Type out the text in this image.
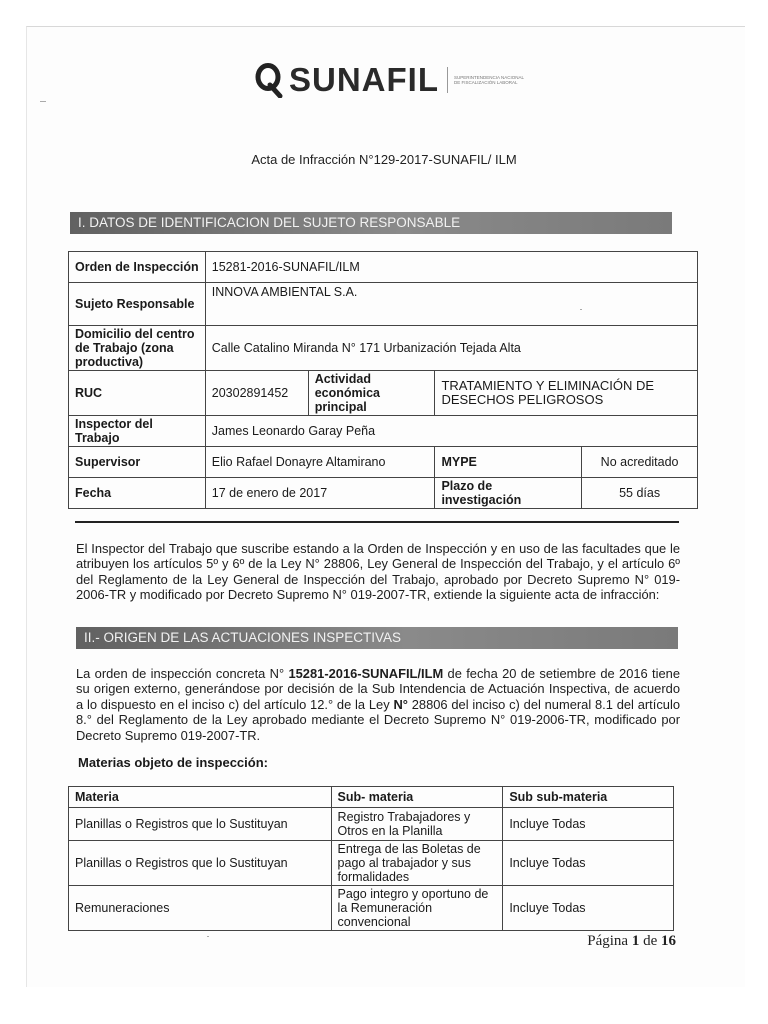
SUNAFIL	SUPERINTENDENCIA NACIONAL DE FISCALIZACIÓN LABORAL
Acta de Infracción N°129-2017-SUNAFIL/ ILM
I. DATOS DE IDENTIFICACION DEL SUJETO RESPONSABLE
Orden de Inspección	15281-2016-SUNAFIL/ILM			
Sujeto Responsable	INNOVA AMBIENTAL S.A.			
Domicilio del centro de Trabajo (zona productiva)	Calle Catalino Miranda N° 171 Urbanización Tejada Alta			
RUC	20302891452	Actividad económica principal	TRATAMIENTO Y ELIMINACIÓN DE DESECHOS PELIGROSOS	
Inspector del Trabajo	James Leonardo Garay Peña			
Supervisor	Elio Rafael Donayre Altamirano		MYPE	No acreditado
Fecha	17 de enero de 2017		Plazo de investigación	55 días
El Inspector del Trabajo que suscribe estando a la Orden de Inspección y en uso de las facultades que le atribuyen los artículos 5º y 6º de la Ley N° 28806, Ley General de Inspección del Trabajo, y el artículo 6º del Reglamento de la Ley General de Inspección del Trabajo, aprobado por Decreto Supremo N° 019-2006-TR y modificado por Decreto Supremo N° 019-2007-TR, extiende la siguiente acta de infracción:
II.- ORIGEN DE LAS ACTUACIONES INSPECTIVAS
La orden de inspección concreta N° 15281-2016-SUNAFIL/ILM de fecha 20 de setiembre de 2016 tiene su origen externo, generándose por decisión de la Sub Intendencia de Actuación Inspectiva, de acuerdo a lo dispuesto en el inciso c) del artículo 12.° de la Ley N° 28806 del inciso c) del numeral 8.1 del artículo 8.° del Reglamento de la Ley aprobado mediante el Decreto Supremo N° 019-2006-TR, modificado por Decreto Supremo 019-2007-TR.
Materias objeto de inspección:
Materia	Sub- materia	Sub sub-materia
Planillas o Registros que lo Sustituyan	Registro Trabajadores y Otros en la Planilla	Incluye Todas
Planillas o Registros que lo Sustituyan	Entrega de las Boletas de pago al trabajador y sus formalidades	Incluye Todas
Remuneraciones	Pago integro y oportuno de la Remuneración convencional	Incluye Todas
Página 1 de 16
